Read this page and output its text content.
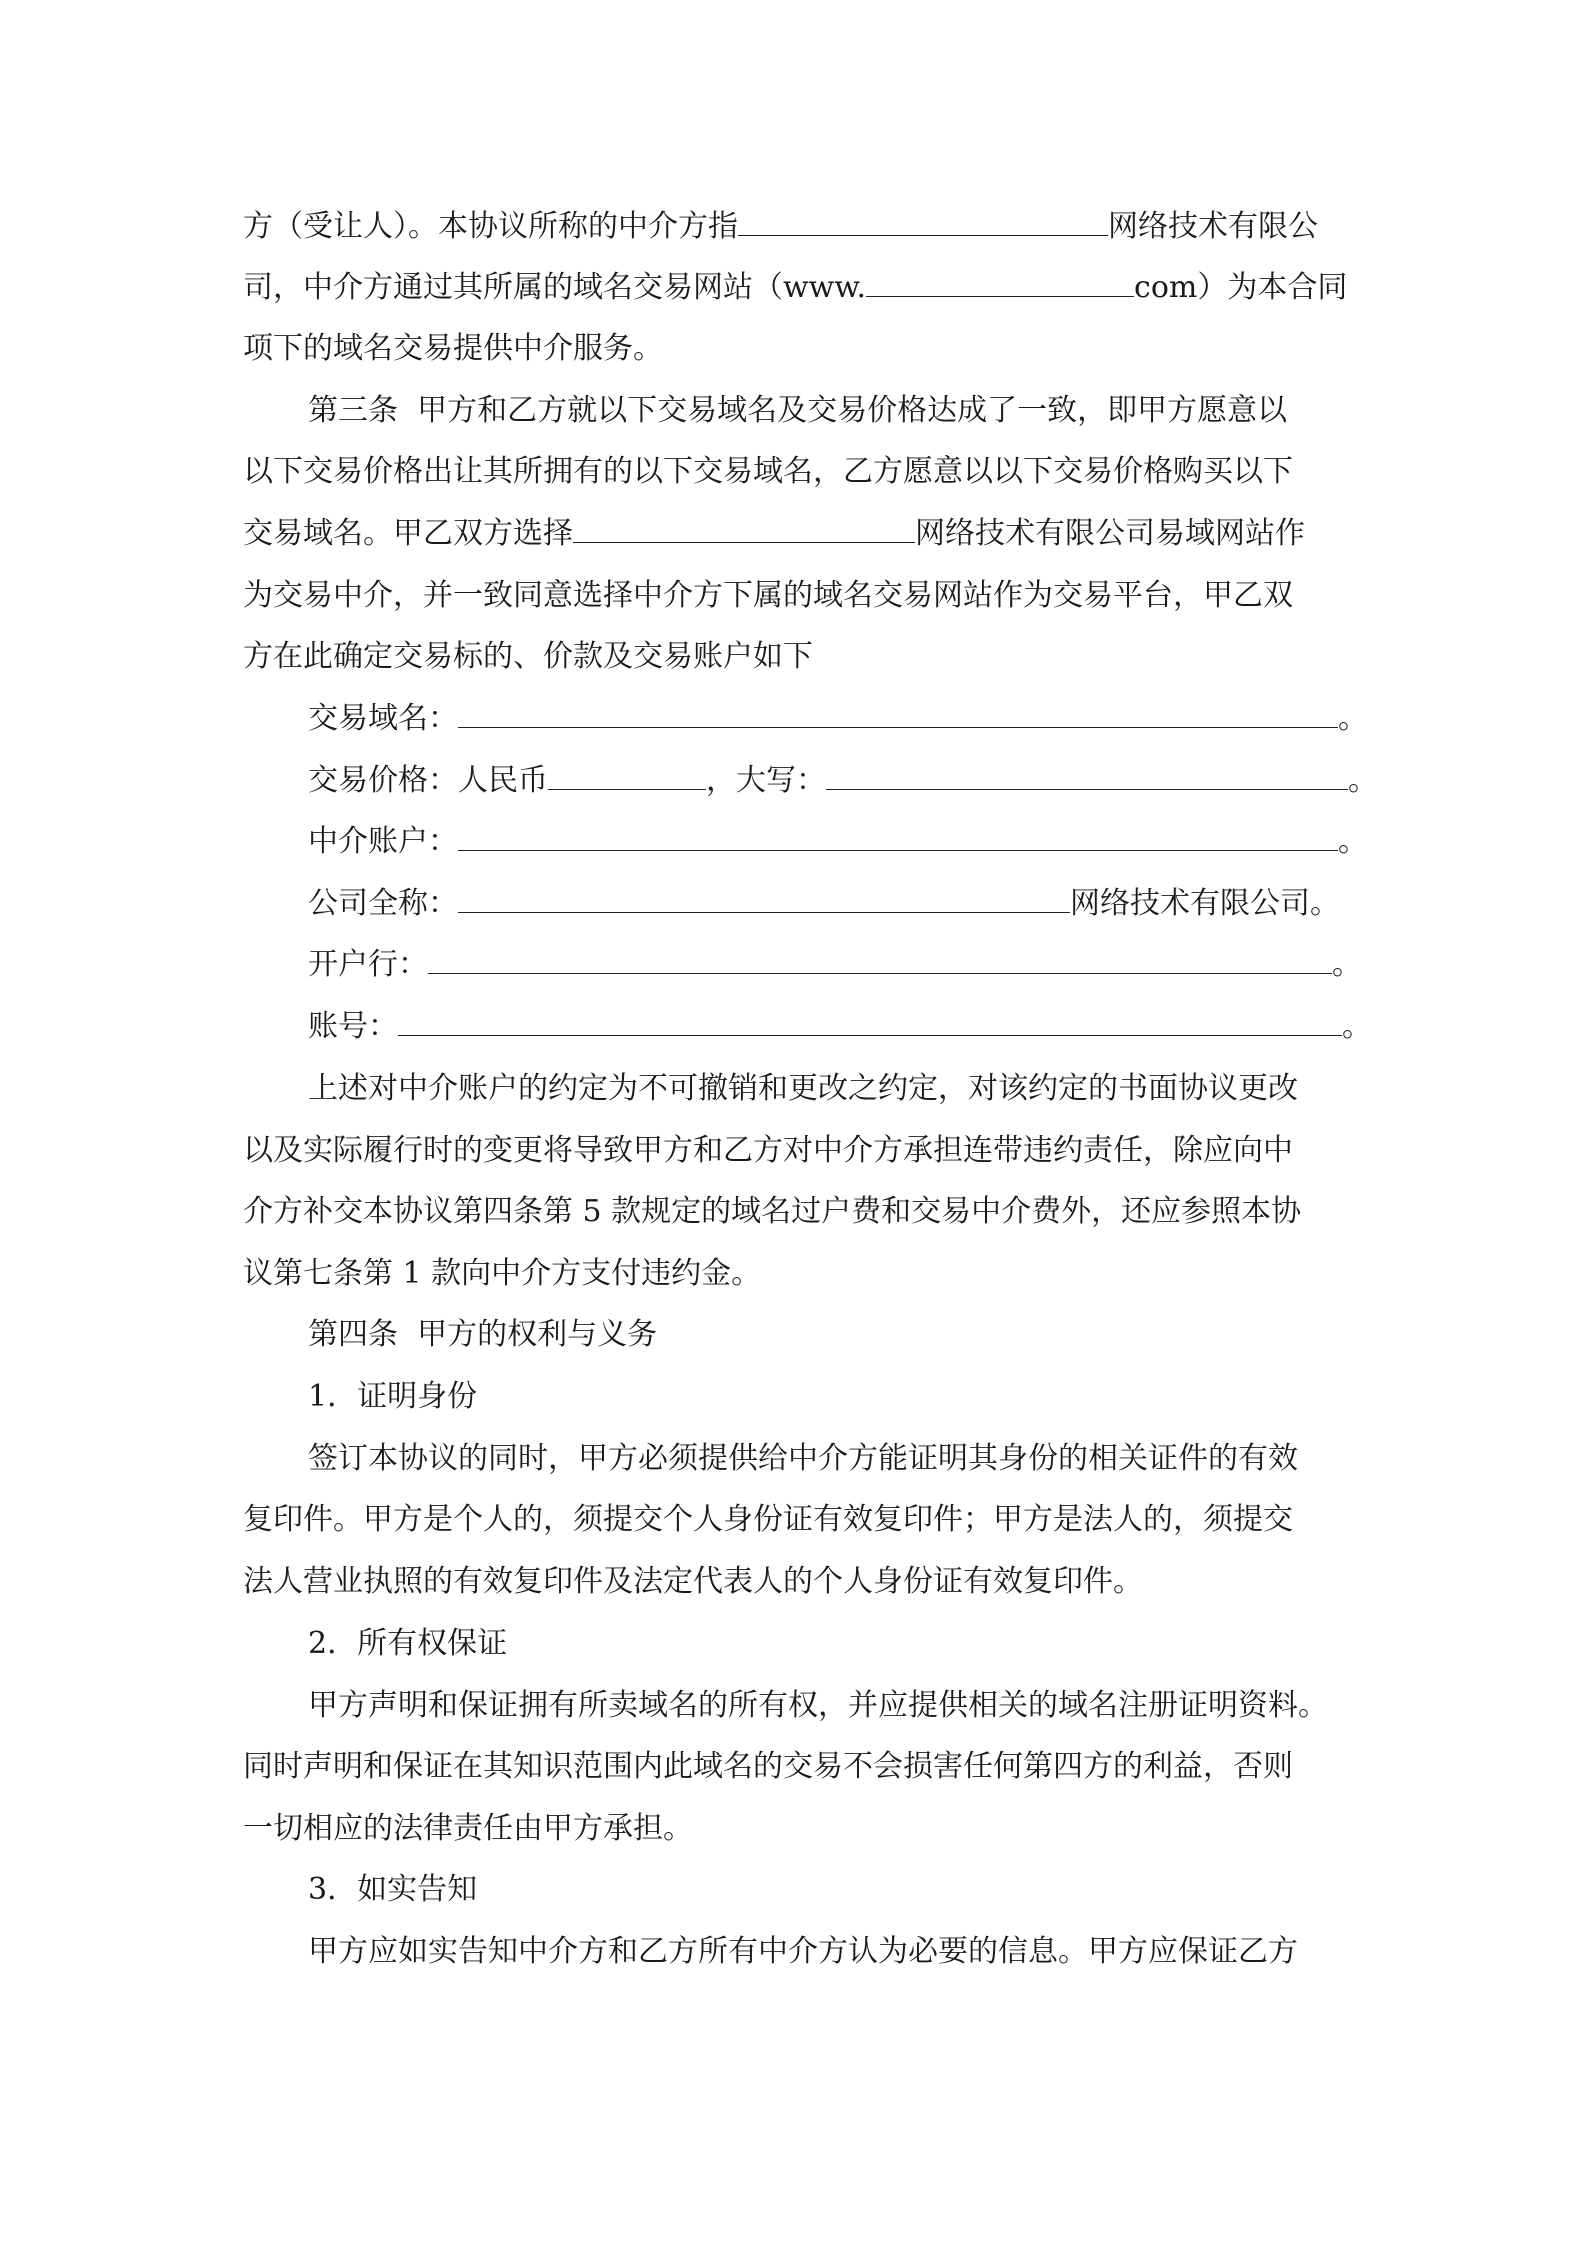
方（受让人）。本协议所称的中介方指	网络技术有限公
司，中介方通过其所属的域名交易网站（www.	com）为本合同
项下的域名交易提供中介服务。
第三条  甲方和乙方就以下交易域名及交易价格达成了一致，即甲方愿意以
以下交易价格出让其所拥有的以下交易域名，乙方愿意以以下交易价格购买以下
交易域名。甲乙双方选择	网络技术有限公司易域网站作
为交易中介，并一致同意选择中介方下属的域名交易网站作为交易平台，甲乙双
方在此确定交易标的、价款及交易账户如下
交易域名：	。
交易价格：人民币	，大写：	。
中介账户：	。
公司全称：	网络技术有限公司。
开户行：	。
账号：	。
上述对中介账户的约定为不可撤销和更改之约定，对该约定的书面协议更改
以及实际履行时的变更将导致甲方和乙方对中介方承担连带违约责任，除应向中
介方补交本协议第四条第 5 款规定的域名过户费和交易中介费外，还应参照本协
议第七条第 1 款向中介方支付违约金。
第四条  甲方的权利与义务
1．证明身份
签订本协议的同时，甲方必须提供给中介方能证明其身份的相关证件的有效
复印件。甲方是个人的，须提交个人身份证有效复印件；甲方是法人的，须提交
法人营业执照的有效复印件及法定代表人的个人身份证有效复印件。
2．所有权保证
甲方声明和保证拥有所卖域名的所有权，并应提供相关的域名注册证明资料。
同时声明和保证在其知识范围内此域名的交易不会损害任何第四方的利益，否则
一切相应的法律责任由甲方承担。
3．如实告知
甲方应如实告知中介方和乙方所有中介方认为必要的信息。甲方应保证乙方
